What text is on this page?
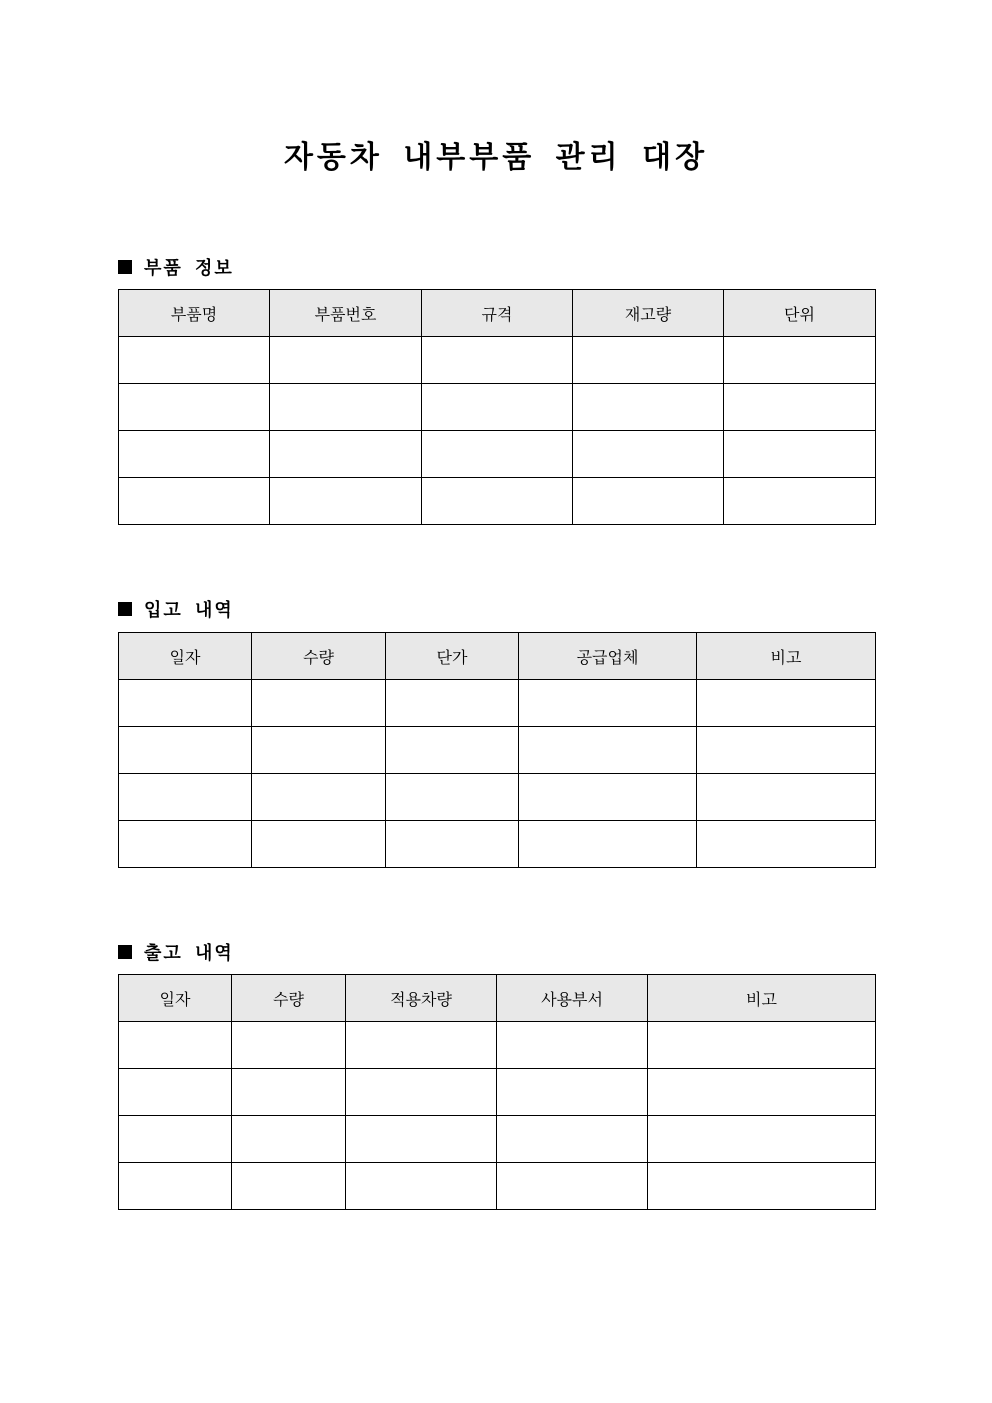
자동차 내부부품 관리 대장
부품 정보
부품명	부품번호	규격	재고량	단위

입고 내역
일자	수량	단가	공급업체	비고

출고 내역
일자	수량	적용차량	사용부서	비고
